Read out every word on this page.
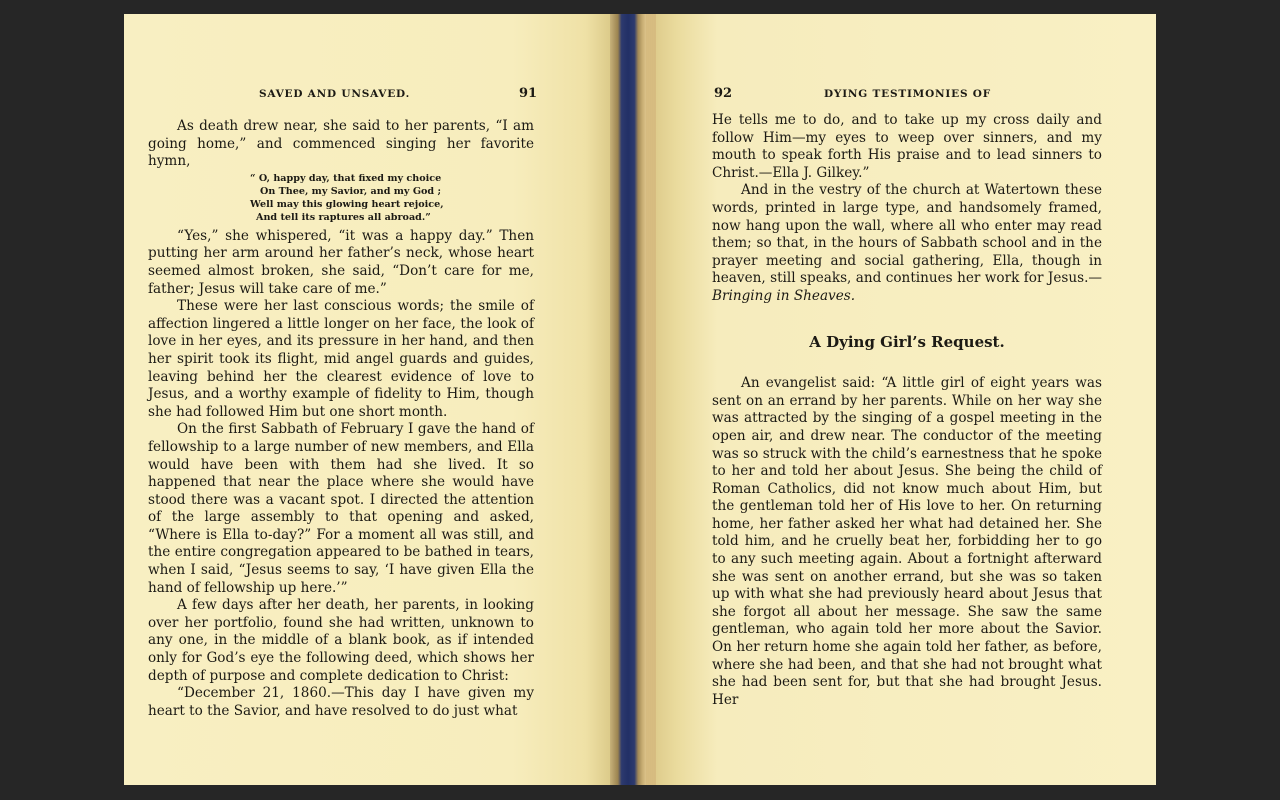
SAVED AND UNSAVED.	91

As death drew near, she said to her parents, “I am going home,” and commenced singing her favorite hymn,

“ O, happy day, that fixed my choice
On Thee, my Savior, and my God ;
Well may this glowing heart rejoice,
And tell its raptures all abroad.”

“Yes,” she whispered, “it was a happy day.” Then putting her arm around her father’s neck, whose heart seemed almost broken, she said, “Don’t care for me, father; Jesus will take care of me.”

These were her last conscious words; the smile of affection lingered a little longer on her face, the look of love in her eyes, and its pressure in her hand, and then her spirit took its flight, mid angel guards and guides, leaving behind her the clearest evidence of love to Jesus, and a worthy example of fidelity to Him, though she had followed Him but one short month.

On the first Sabbath of February I gave the hand of fellowship to a large number of new members, and Ella would have been with them had she lived. It so happened that near the place where she would have stood there was a vacant spot. I directed the attention of the large assembly to that opening and asked, “Where is Ella to-day?” For a moment all was still, and the entire congregation appeared to be bathed in tears, when I said, “Jesus seems to say, ‘I have given Ella the hand of fellowship up here.’”

A few days after her death, her parents, in looking over her portfolio, found she had written, unknown to any one, in the middle of a blank book, as if intended only for God’s eye the following deed, which shows her depth of purpose and complete dedication to Christ:

“December 21, 1860.—This day I have given my heart to the Savior, and have resolved to do just what

92	DYING TESTIMONIES OF

He tells me to do, and to take up my cross daily and follow Him—my eyes to weep over sinners, and my mouth to speak forth His praise and to lead sinners to Christ.—Ella J. Gilkey.”

And in the vestry of the church at Watertown these words, printed in large type, and handsomely framed, now hang upon the wall, where all who enter may read them; so that, in the hours of Sabbath school and in the prayer meeting and social gathering, Ella, though in heaven, still speaks, and continues her work for Jesus.—Bringing in Sheaves.

A Dying Girl’s Request.

An evangelist said: “A little girl of eight years was sent on an errand by her parents. While on her way she was attracted by the singing of a gospel meeting in the open air, and drew near. The conductor of the meeting was so struck with the child’s earnestness that he spoke to her and told her about Jesus. She being the child of Roman Catholics, did not know much about Him, but the gentleman told her of His love to her. On returning home, her father asked her what had detained her. She told him, and he cruelly beat her, forbidding her to go to any such meeting again. About a fortnight afterward she was sent on another errand, but she was so taken up with what she had previously heard about Jesus that she forgot all about her message. She saw the same gentleman, who again told her more about the Savior. On her return home she again told her father, as before, where she had been, and that she had not brought what she had been sent for, but that she had brought Jesus. Her
